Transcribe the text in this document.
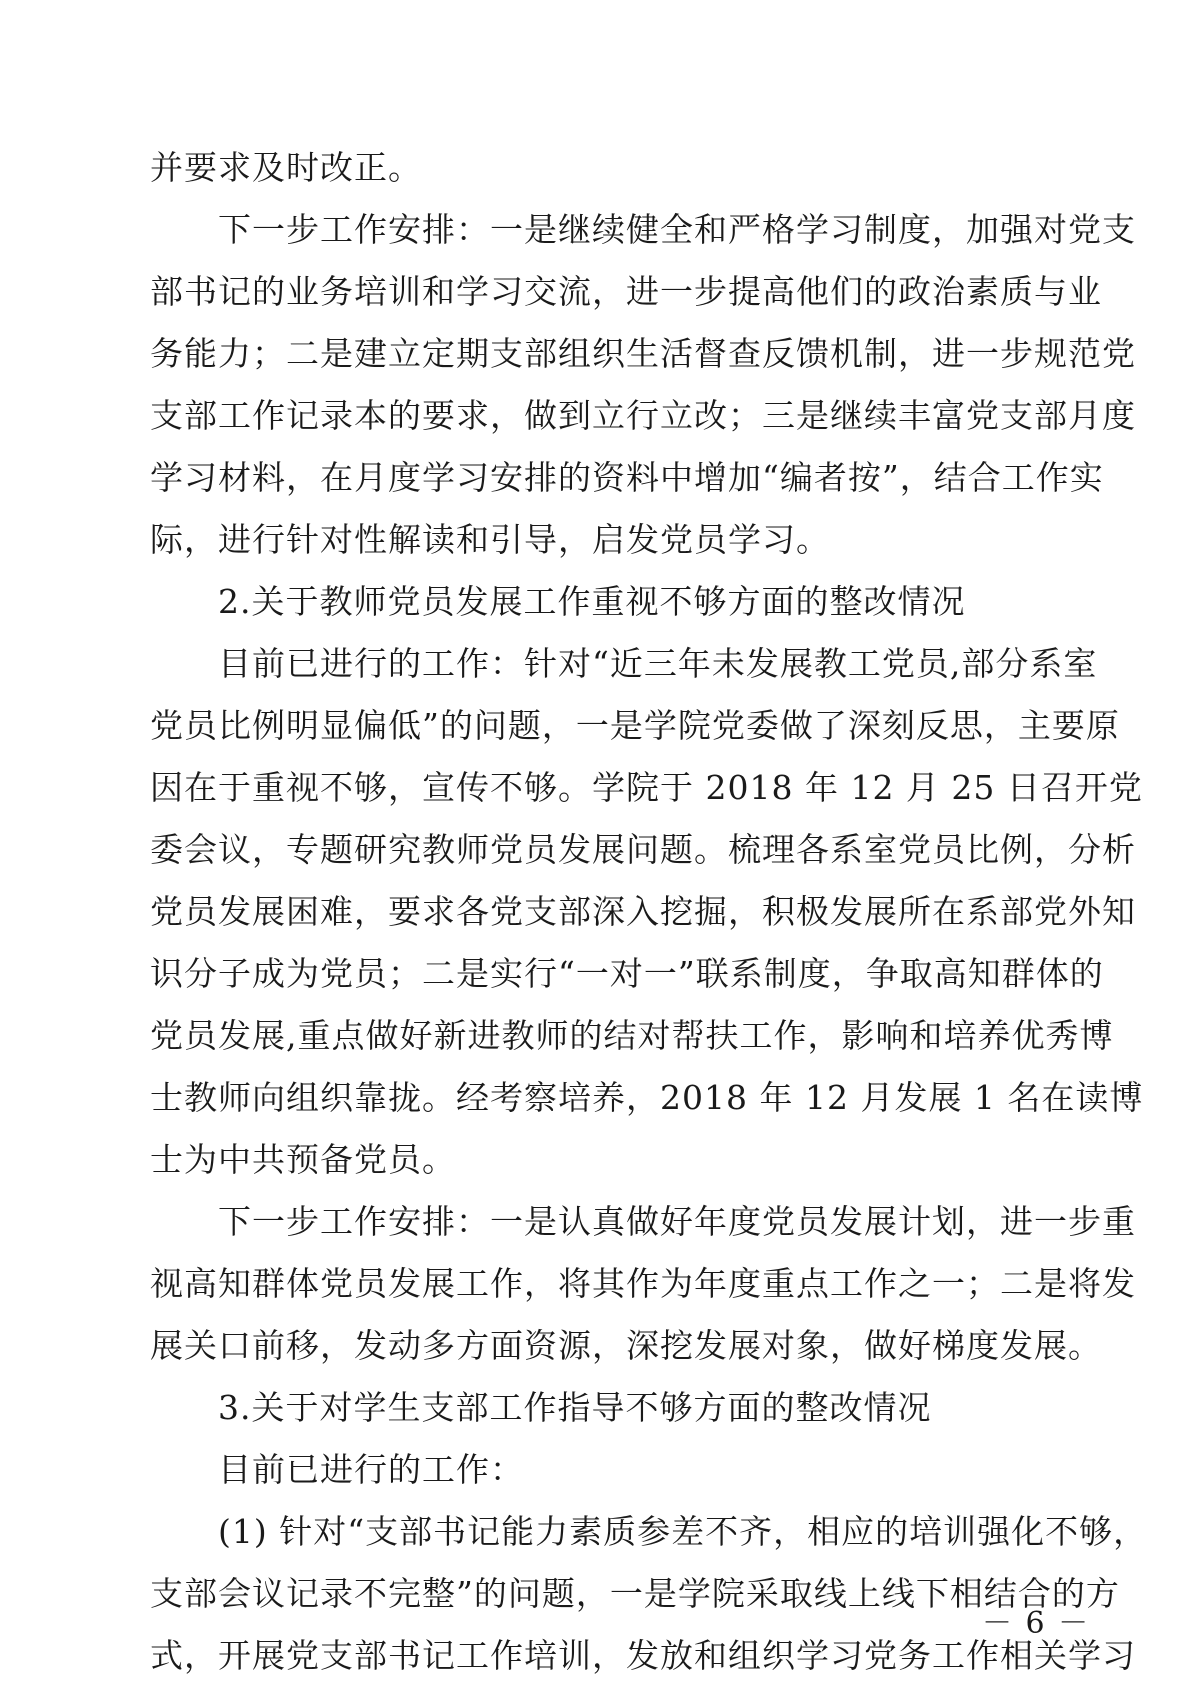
并要求及时改正。
　　下一步工作安排：一是继续健全和严格学习制度，加强对党支
部书记的业务培训和学习交流，进一步提高他们的政治素质与业
务能力；二是建立定期支部组织生活督查反馈机制，进一步规范党
支部工作记录本的要求，做到立行立改；三是继续丰富党支部月度
学习材料，在月度学习安排的资料中增加“编者按”，结合工作实
际，进行针对性解读和引导，启发党员学习。
　　2.关于教师党员发展工作重视不够方面的整改情况
　　目前已进行的工作：针对“近三年未发展教工党员,部分系室
党员比例明显偏低”的问题，一是学院党委做了深刻反思，主要原
因在于重视不够，宣传不够。学院于 2018 年 12 月 25 日召开党
委会议，专题研究教师党员发展问题。梳理各系室党员比例，分析
党员发展困难，要求各党支部深入挖掘，积极发展所在系部党外知
识分子成为党员；二是实行“一对一”联系制度，争取高知群体的
党员发展,重点做好新进教师的结对帮扶工作，影响和培养优秀博
士教师向组织靠拢。经考察培养，2018 年 12 月发展 1 名在读博
士为中共预备党员。
　　下一步工作安排：一是认真做好年度党员发展计划，进一步重
视高知群体党员发展工作，将其作为年度重点工作之一；二是将发
展关口前移，发动多方面资源，深挖发展对象，做好梯度发展。
　　3.关于对学生支部工作指导不够方面的整改情况
　　目前已进行的工作：
　　(1) 针对“支部书记能力素质参差不齐，相应的培训强化不够，
支部会议记录不完整”的问题，一是学院采取线上线下相结合的方
式，开展党支部书记工作培训，发放和组织学习党务工作相关学习
－ 6 －
